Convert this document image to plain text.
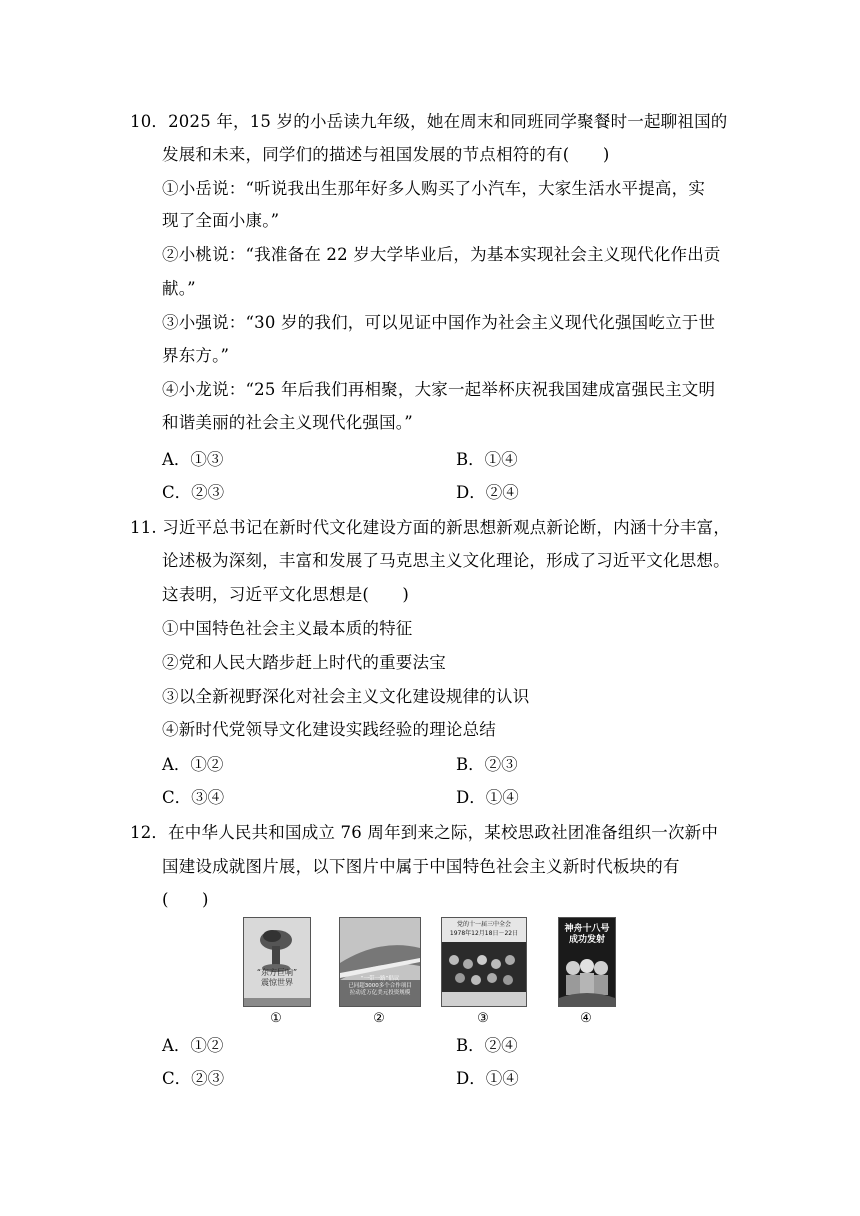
10．2025 年，15 岁的小岳读九年级，她在周末和同班同学聚餐时一起聊祖国的
发展和未来，同学们的描述与祖国发展的节点相符的有(　　)
①小岳说：“听说我出生那年好多人购买了小汽车，大家生活水平提高，实
现了全面小康。”
②小桃说：“我准备在 22 岁大学毕业后，为基本实现社会主义现代化作出贡
献。”
③小强说：“30 岁的我们，可以见证中国作为社会主义现代化强国屹立于世
界东方。”
④小龙说：“25 年后我们再相聚，大家一起举杯庆祝我国建成富强民主文明
和谐美丽的社会主义现代化强国。”
A．①③	B．①④
C．②③	D．②④
11. 习近平总书记在新时代文化建设方面的新思想新观点新论断，内涵十分丰富，
论述极为深刻，丰富和发展了马克思主义文化理论，形成了习近平文化思想。
这表明，习近平文化思想是(　　)
①中国特色社会主义最本质的特征
②党和人民大踏步赶上时代的重要法宝
③以全新视野深化对社会主义文化建设规律的认识
④新时代党领导文化建设实践经验的理论总结
A．①②	B．②③
C．③④	D．①④
12．在中华人民共和国成立 76 周年到来之际，某校思政社团准备组织一次新中
国建设成就图片展，以下图片中属于中国特色社会主义新时代板块的有
(　　)
“东方巨响”
震惊世界
①
“一带一路”倡议
已同超3000多个合作项目
拉动近万亿美元投资规模
②
党的十一届三中全会
1978年12月18日－22日
③
神舟十八号
成功发射
④
A．①②	B．②④
C．②③	D．①④
